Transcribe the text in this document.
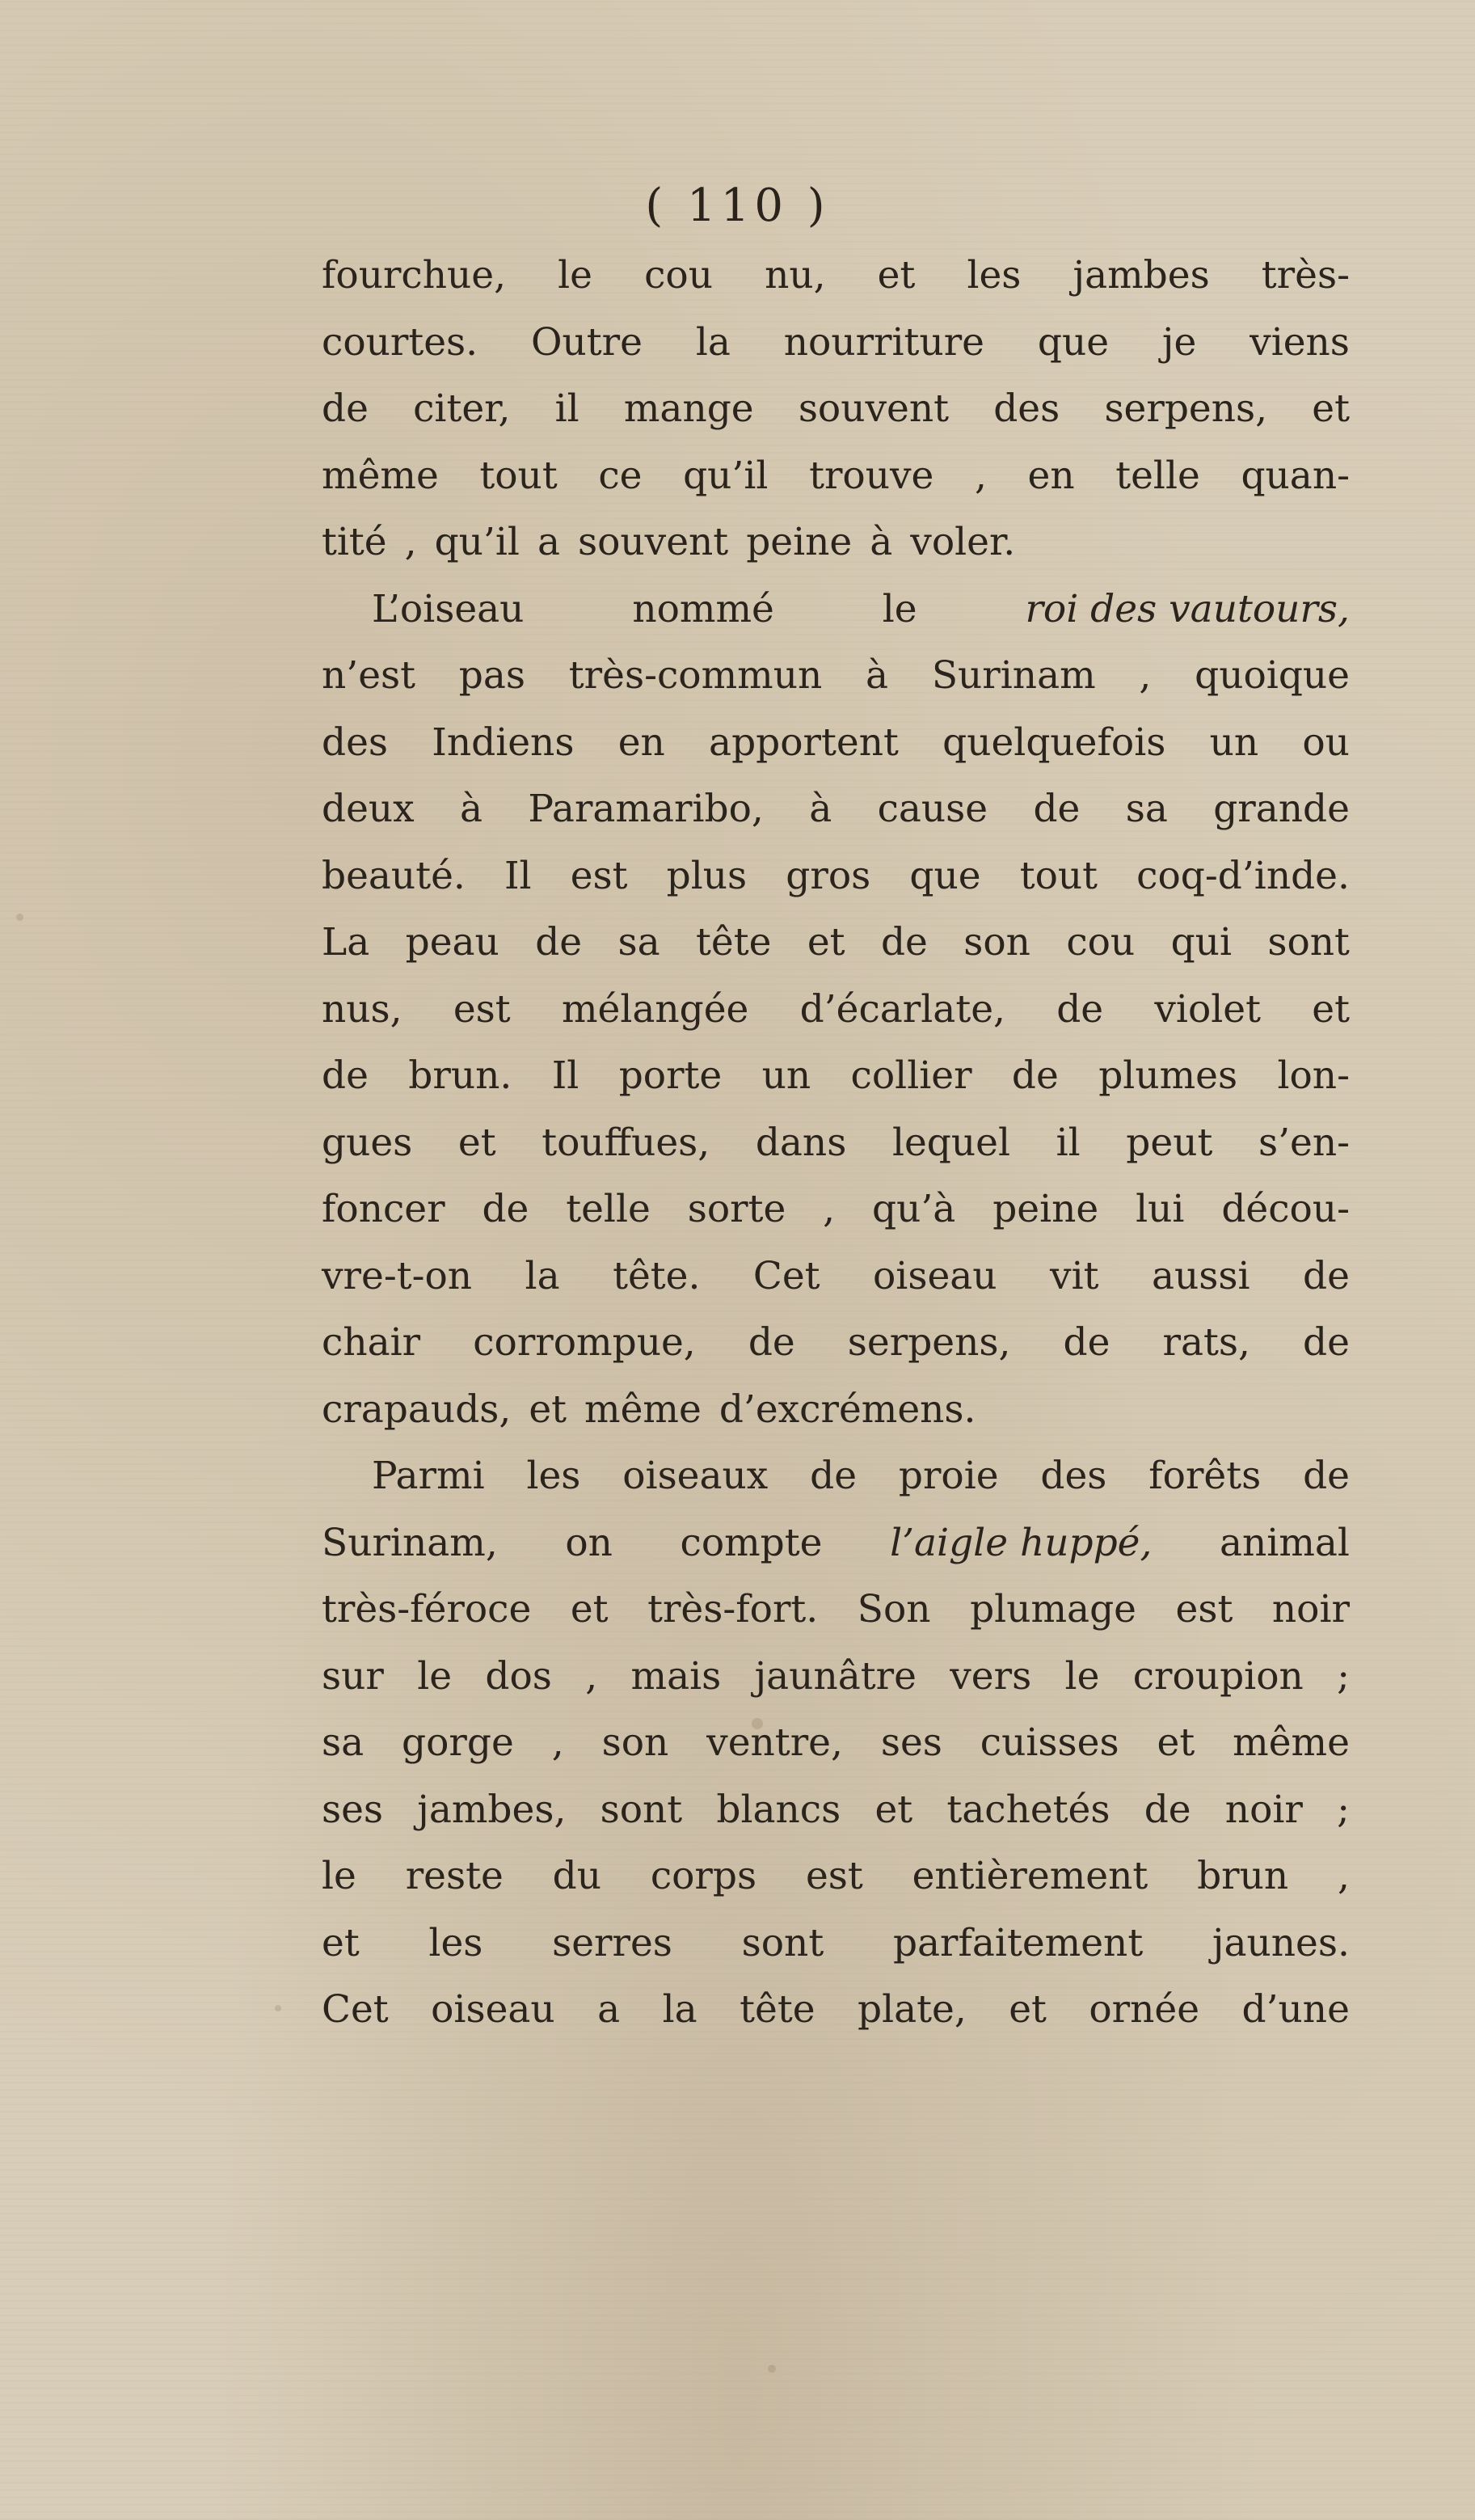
( 110 )
fourchue, le cou nu, et les jambes très-
courtes. Outre la nourriture que je viens
de citer, il mange souvent des serpens, et
même tout ce qu’il trouve , en telle quan-
tité , qu’il a souvent peine à voler.
L’oiseau	nommé	le	roi des vautours,
n’est pas très-commun à Surinam , quoique
des Indiens en apportent quelquefois un ou
deux à Paramaribo, à cause de sa grande
beauté. Il est plus gros que tout coq-d’inde.
La peau de sa tête et de son cou qui sont
nus, est mélangée d’écarlate, de violet et
de brun. Il porte un collier de plumes lon-
gues et touffues, dans lequel il peut s’en-
foncer de telle sorte , qu’à peine lui décou-
vre-t-on la tête. Cet oiseau vit aussi de
chair corrompue, de serpens, de rats, de
crapauds, et même d’excrémens.
Parmi les oiseaux de proie des forêts de
Surinam, on compte l’aigle huppé, animal
très-féroce et très-fort. Son plumage est noir
sur le dos , mais jaunâtre vers le croupion ;
sa gorge , son ventre, ses cuisses et même
ses jambes, sont blancs et tachetés de noir ;
le reste du corps est entièrement brun ,
et les serres sont parfaitement jaunes.
Cet oiseau a la tête plate, et ornée d’une
